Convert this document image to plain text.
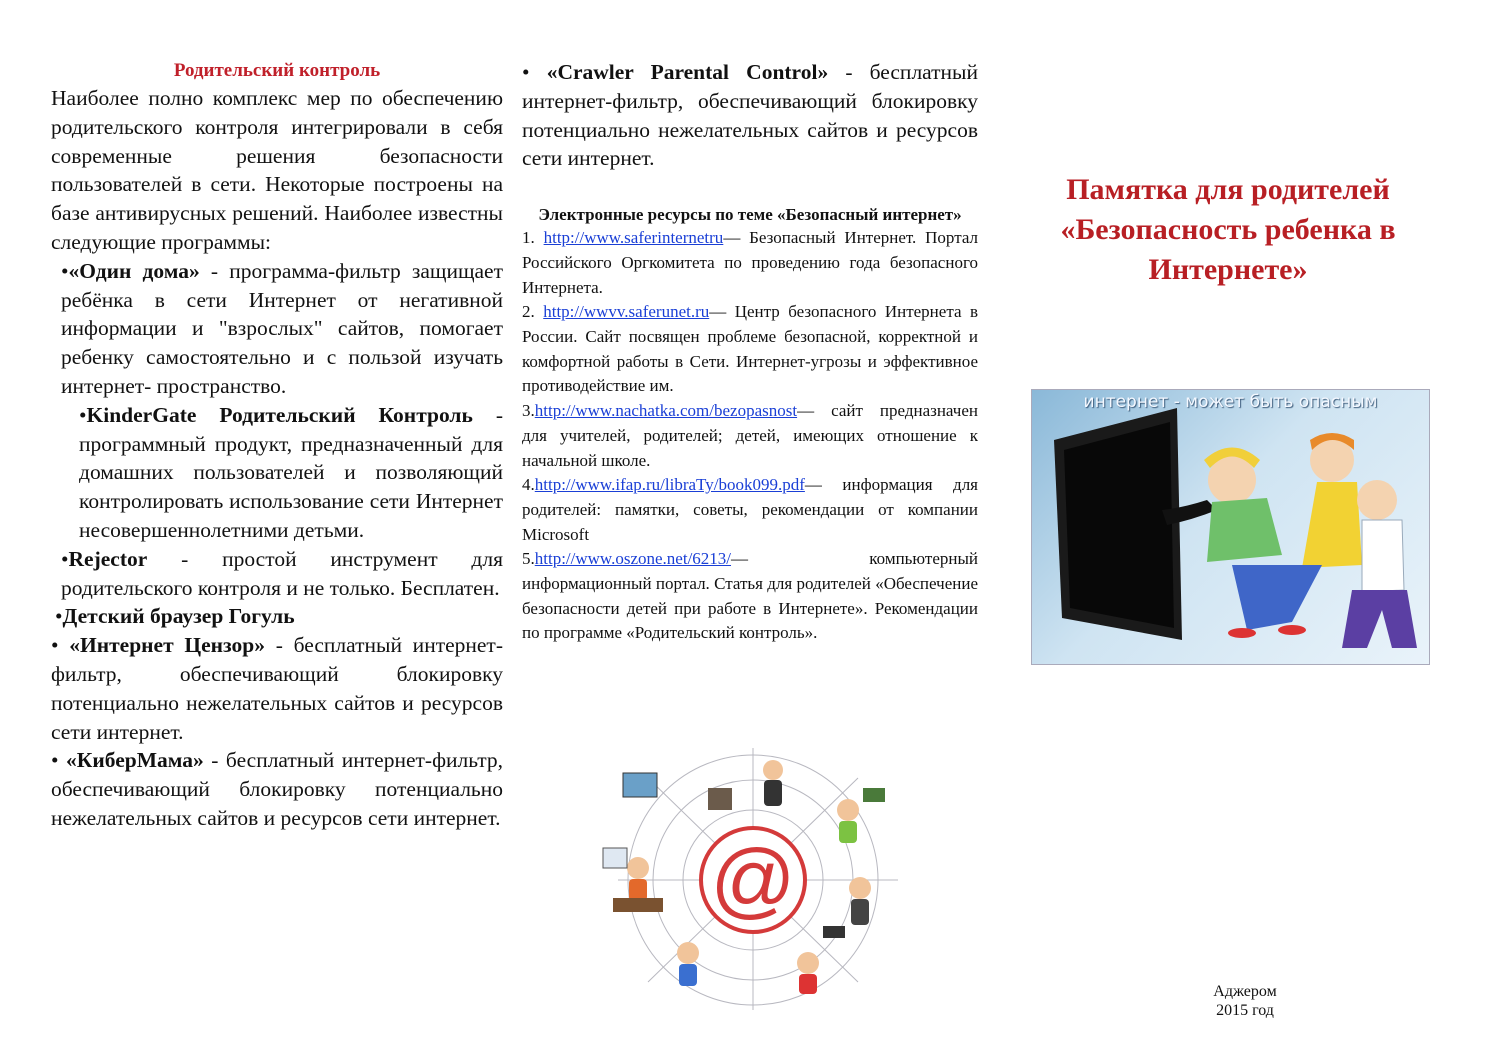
Родительский контроль

Наиболее полно комплекс мер по обеспечению родительского контроля интегрировали в себя современные решения безопасности пользователей в сети. Некоторые построены на базе антивирусных решений. Наиболее известны следующие программы:

•«Один дома» - программа-фильтр защищает ребёнка в сети Интернет от негативной информации и "взрослых" сайтов, помогает ребенку самостоятельно и с пользой изучать интернет- пространство.

•KinderGate Родительский Контроль - программный продукт, предназначенный для домашних пользователей и позволяющий контролировать использование сети Интернет несовершеннолетними детьми.

•Rejector - простой инструмент для родительского контроля и не только. Бесплатен.

•Детский браузер Гогуль

• «Интернет Цензор» - бесплатный интернет-фильтр, обеспечивающий блокировку потенциально нежелательных сайтов и ресурсов сети интернет.

• «КиберМама» - бесплатный интернет-фильтр, обеспечивающий блокировку потенциально нежелательных сайтов и ресурсов сети интернет.

• «Crawler Parental Control» - бесплатный интернет-фильтр, обеспечивающий блокировку потенциально нежелательных сайтов и ресурсов сети интернет.

Электронные ресурсы по теме «Безопасный интернет»

1. http://www.saferinternetru— Безопасный Интернет. Портал Российского Оргкомитета по проведению года безопасного Интернета.

2. http://wwvv.saferunet.ru— Центр безопасного Интернета в России. Сайт посвящен проблеме безопасной, корректной и комфортной работы в Сети. Интернет-угрозы и эффективное противодействие им.

3.http://www.nachatka.com/bezopasnost— сайт предназначен для учителей, родителей; детей, имеющих отношение к начальной школе.

4.http://www.ifap.ru/libraTy/book099.pdf— информация для родителей: памятки, советы, рекомендации от компании Microsoft

5.http://www.oszone.net/6213/— компьютерный информационный портал. Статья для родителей «Обеспечение безопасности детей при работе в Интернете». Рекомендации по программе «Родительский контроль».

@
Памятка для родителей
«Безопасность ребенка в Интернете»
интернет - может быть опасным
Аджером
2015 год
